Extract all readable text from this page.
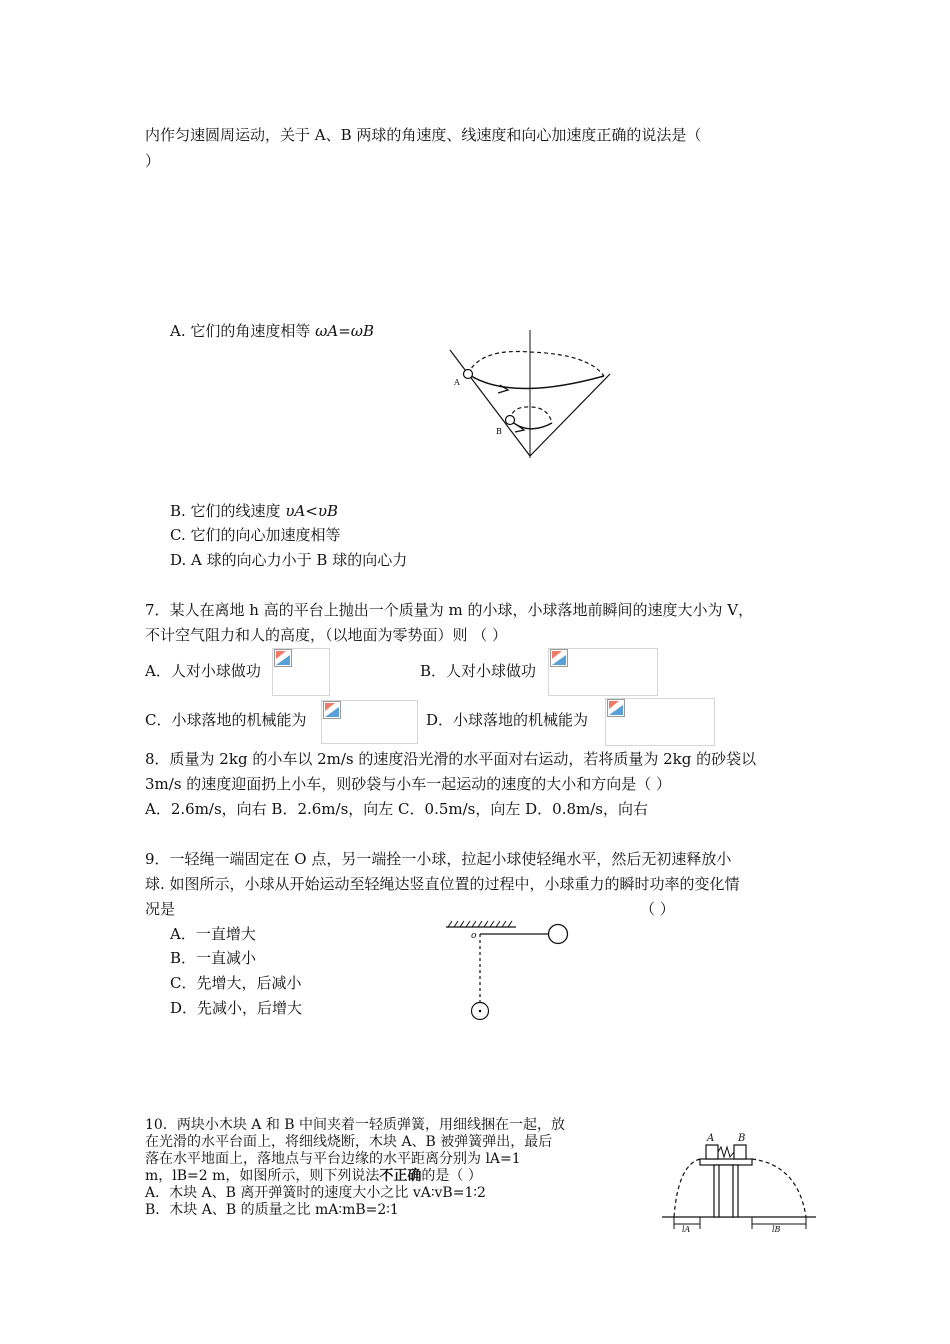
内作匀速圆周运动，关于 A、B 两球的角速度、线速度和向心加速度正确的说法是（
）
A. 它们的角速度相等 ωA=ωB
A
B
B. 它们的线速度 υA<υB
C. 它们的向心加速度相等
D. A 球的向心力小于 B 球的向心力
7．某人在离地 h 高的平台上抛出一个质量为 m 的小球，小球落地前瞬间的速度大小为 V，
不计空气阻力和人的高度，（以地面为零势面）则 （ ）
A．人对小球做功	B．人对小球做功
C．小球落地的机械能为	D．小球落地的机械能为
8．质量为 2kg 的小车以 2m/s 的速度沿光滑的水平面对右运动，若将质量为 2kg 的砂袋以
3m/s 的速度迎面扔上小车，则砂袋与小车一起运动的速度的大小和方向是（ ）
A．2.6m/s，向右 B．2.6m/s，向左 C．0.5m/s，向左 D．0.8m/s，向右
9．一轻绳一端固定在 O 点，另一端拴一小球，拉起小球使轻绳水平，然后无初速释放小
球. 如图所示，小球从开始运动至轻绳达竖直位置的过程中，小球重力的瞬时功率的变化情
况是	（ ）
A．一直增大
B．一直减小
C．先增大，后减小
D．先减小，后增大
o
10．两块小木块 A 和 B 中间夹着一轻质弹簧，用细线捆在一起，放
在光滑的水平台面上，将细线烧断，木块 A、B 被弹簧弹出，最后
落在水平地面上，落地点与平台边缘的水平距离分别为 lA=1
m，lB=2 m，如图所示，则下列说法不正确的是（ ）
A．木块 A、B 离开弹簧时的速度大小之比 vA∶vB=1∶2
B．木块 A、B 的质量之比 mA∶mB=2∶1
A B
lA	lB
